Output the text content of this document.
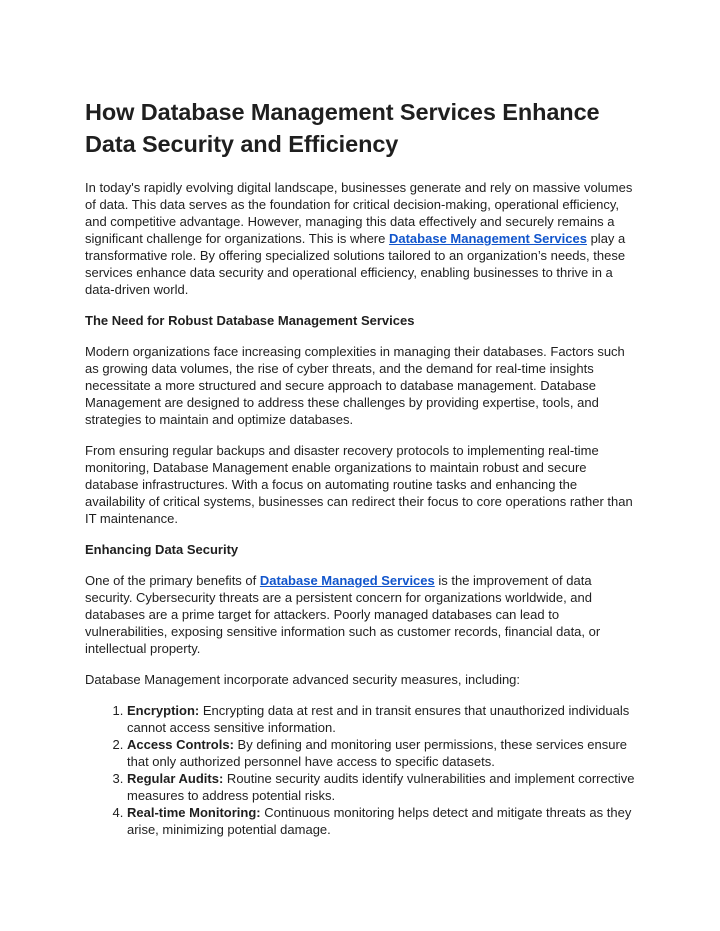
How Database Management Services Enhance Data Security and Efficiency

In today's rapidly evolving digital landscape, businesses generate and rely on massive volumes of data. This data serves as the foundation for critical decision-making, operational efficiency, and competitive advantage. However, managing this data effectively and securely remains a significant challenge for organizations. This is where Database Management Services play a transformative role. By offering specialized solutions tailored to an organization’s needs, these services enhance data security and operational efficiency, enabling businesses to thrive in a data-driven world.

The Need for Robust Database Management Services

Modern organizations face increasing complexities in managing their databases. Factors such as growing data volumes, the rise of cyber threats, and the demand for real-time insights necessitate a more structured and secure approach to database management. Database Management are designed to address these challenges by providing expertise, tools, and strategies to maintain and optimize databases.

From ensuring regular backups and disaster recovery protocols to implementing real-time monitoring, Database Management enable organizations to maintain robust and secure database infrastructures. With a focus on automating routine tasks and enhancing the availability of critical systems, businesses can redirect their focus to core operations rather than IT maintenance.

Enhancing Data Security

One of the primary benefits of Database Managed Services is the improvement of data security. Cybersecurity threats are a persistent concern for organizations worldwide, and databases are a prime target for attackers. Poorly managed databases can lead to vulnerabilities, exposing sensitive information such as customer records, financial data, or intellectual property.

Database Management incorporate advanced security measures, including:

1. Encryption: Encrypting data at rest and in transit ensures that unauthorized individuals cannot access sensitive information.
2. Access Controls: By defining and monitoring user permissions, these services ensure that only authorized personnel have access to specific datasets.
3. Regular Audits: Routine security audits identify vulnerabilities and implement corrective measures to address potential risks.
4. Real-time Monitoring: Continuous monitoring helps detect and mitigate threats as they arise, minimizing potential damage.
